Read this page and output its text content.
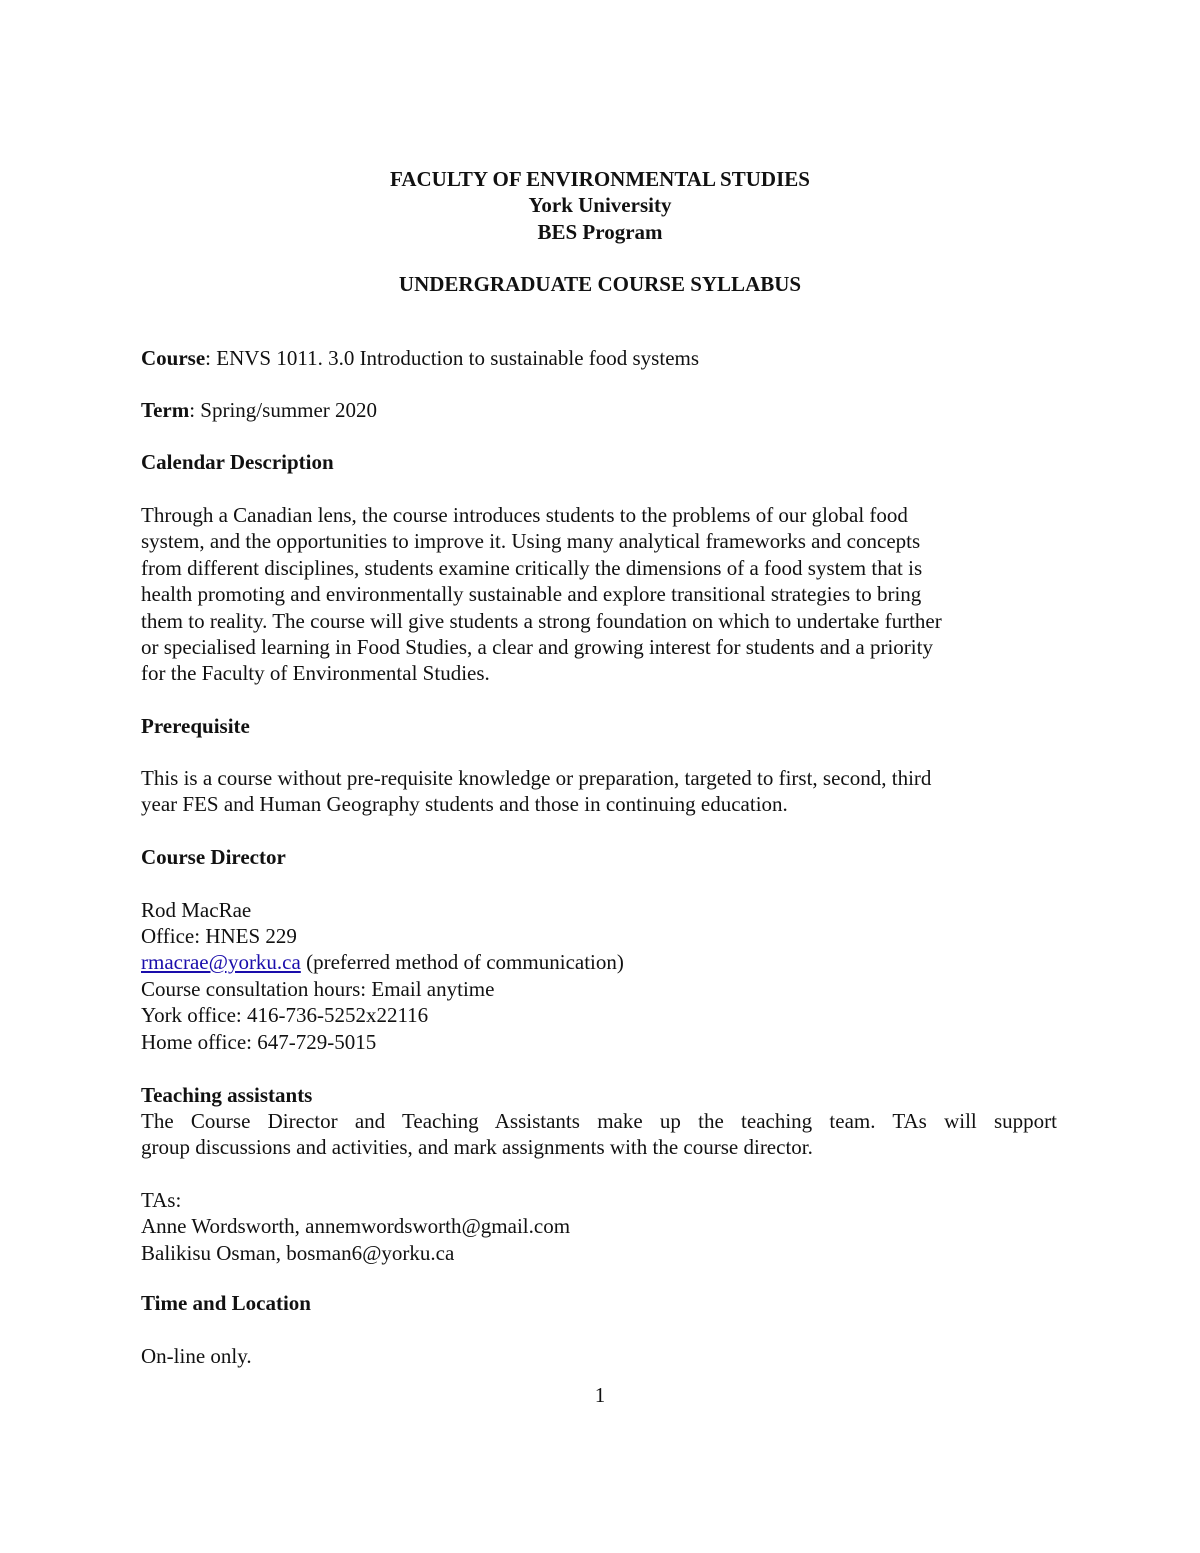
FACULTY OF ENVIRONMENTAL STUDIES
York University
BES Program
UNDERGRADUATE COURSE SYLLABUS
Course: ENVS 1011. 3.0 Introduction to sustainable food systems
Term: Spring/summer 2020
Calendar Description
Through a Canadian lens, the course introduces students to the problems of our global food
system, and the opportunities to improve it. Using many analytical frameworks and concepts
from different disciplines, students examine critically the dimensions of a food system that is
health promoting and environmentally sustainable and explore transitional strategies to bring
them to reality. The course will give students a strong foundation on which to undertake further
or specialised learning in Food Studies, a clear and growing interest for students and a priority
for the Faculty of Environmental Studies.
Prerequisite
This is a course without pre-requisite knowledge or preparation, targeted to first, second, third
year FES and Human Geography students and those in continuing education.
Course Director
Rod MacRae
Office: HNES 229
rmacrae@yorku.ca (preferred method of communication)
Course consultation hours: Email anytime
York office: 416-736-5252x22116
Home office: 647-729-5015
Teaching assistants
The Course Director and Teaching Assistants make up the teaching team. TAs will support
group discussions and activities, and mark assignments with the course director.
TAs:
Anne Wordsworth, annemwordsworth@gmail.com
Balikisu Osman, bosman6@yorku.ca
Time and Location
On-line only.
1
